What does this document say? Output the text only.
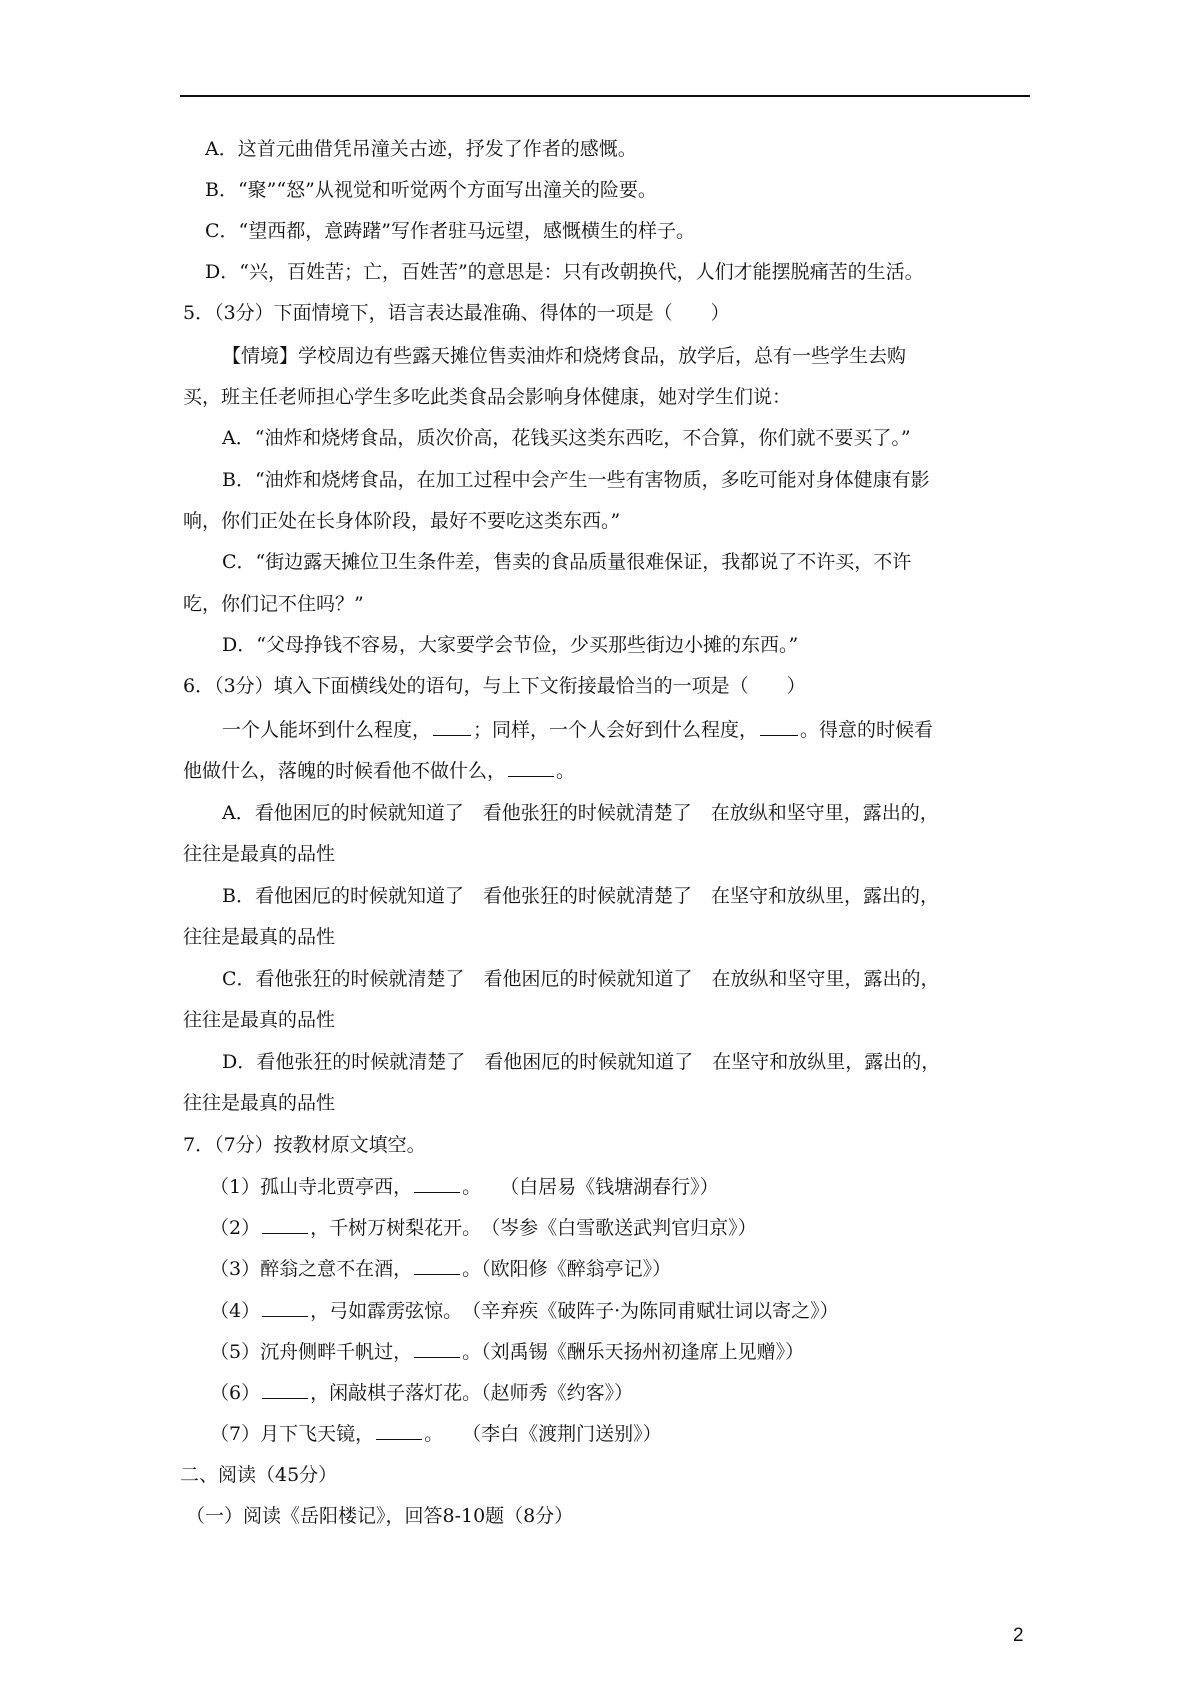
A．这首元曲借凭吊潼关古迹，抒发了作者的感慨。
B．“聚”“怒”从视觉和听觉两个方面写出潼关的险要。
C．“望西都，意踌躇”写作者驻马远望，感慨横生的样子。
D．“兴，百姓苦；亡，百姓苦”的意思是：只有改朝换代，人们才能摆脱痛苦的生活。
5．（3分）下面情境下，语言表达最准确、得体的一项是（　　）
【情境】学校周边有些露天摊位售卖油炸和烧烤食品，放学后，总有一些学生去购
买，班主任老师担心学生多吃此类食品会影响身体健康，她对学生们说：
A．“油炸和烧烤食品，质次价高，花钱买这类东西吃，不合算，你们就不要买了。”
B．“油炸和烧烤食品，在加工过程中会产生一些有害物质，多吃可能对身体健康有影
响，你们正处在长身体阶段，最好不要吃这类东西。”
C．“街边露天摊位卫生条件差，售卖的食品质量很难保证，我都说了不许买，不许
吃，你们记不住吗？”
D．“父母挣钱不容易，大家要学会节俭，少买那些街边小摊的东西。”
6．（3分）填入下面横线处的语句，与上下文衔接最恰当的一项是（　　）
一个人能坏到什么程度， ；同样，一个人会好到什么程度， 。得意的时候看
他做什么，落魄的时候看他不做什么，	。
A．看他困厄的时候就知道了　看他张狂的时候就清楚了　在放纵和坚守里，露出的，
往往是最真的品性
B．看他困厄的时候就知道了　看他张狂的时候就清楚了　在坚守和放纵里，露出的，
往往是最真的品性
C．看他张狂的时候就清楚了　看他困厄的时候就知道了　在放纵和坚守里，露出的，
往往是最真的品性
D．看他张狂的时候就清楚了　看他困厄的时候就知道了　在坚守和放纵里，露出的，
往往是最真的品性
7．（7分）按教材原文填空。
（1）孤山寺北贾亭西，	。　　（白居易《钱塘湖春行》）
（2）	，千树万树梨花开。　（岑参《白雪歌送武判官归京》）
（3）醉翁之意不在酒，	。（欧阳修《醉翁亭记》）
（4）	，弓如霹雳弦惊。　（辛弃疾《破阵子·为陈同甫赋壮词以寄之》）
（5）沉舟侧畔千帆过，	。（刘禹锡《酬乐天扬州初逢席上见赠》）
（6）	，闲敲棋子落灯花。（赵师秀《约客》）
（7）月下飞天镜，	。　　（李白《渡荆门送别》）
二、阅读（45分）
（一）阅读《岳阳楼记》，回答8-10题（8分）
2
